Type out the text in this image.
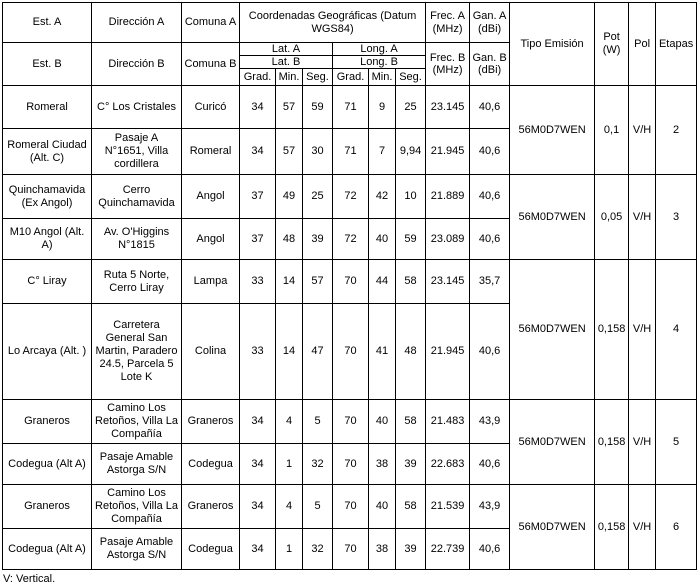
Est. A	Dirección A	Comuna A	Coordenadas Geográficas (Datum WGS84)						Frec. A (MHz)	Gan. A (dBi)	Tipo Emisión	Pot (W)	Pol	Etapas
Est. B	Dirección B	Comuna B	Lat. A			Long. A			Frec. B (MHz)	Gan. B (dBi)				
			Lat. B			Long. B								
			Grad.	Min.	Seg.	Grad.	Min.	Seg.						
Romeral	C° Los Cristales	Curicó	34	57	59	71	9	25	23.145	40,6	56M0D7WEN	0,1	V/H	2
Romeral Ciudad (Alt. C)	Pasaje A N°1651, Villa cordillera	Romeral	34	57	30	71	7	9,94	21.945	40,6				
Quinchamavida (Ex Angol)	Cerro Quinchamavida	Angol	37	49	25	72	42	10	21.889	40,6	56M0D7WEN	0,05	V/H	3
M10 Angol (Alt. A)	Av. O'Higgins N°1815	Angol	37	48	39	72	40	59	23.089	40,6				
C° Liray	Ruta 5 Norte, Cerro Liray	Lampa	33	14	57	70	44	58	23.145	35,7	56M0D7WEN	0,158	V/H	4
Lo Arcaya (Alt. )	Carretera General San Martin, Paradero 24.5, Parcela 5 Lote K	Colina	33	14	47	70	41	48	21.945	40,6				
Graneros	Camino Los Retoños, Villa La Compañía	Graneros	34	4	5	70	40	58	21.483	43,9	56M0D7WEN	0,158	V/H	5
Codegua (Alt A)	Pasaje Amable Astorga S/N	Codegua	34	1	32	70	38	39	22.683	40,6				
Graneros	Camino Los Retoños, Villa La Compañía	Graneros	34	4	5	70	40	58	21.539	43,9	56M0D7WEN	0,158	V/H	6
Codegua (Alt A)	Pasaje Amable Astorga S/N	Codegua	34	1	32	70	38	39	22.739	40,6				
V: Vertical.
